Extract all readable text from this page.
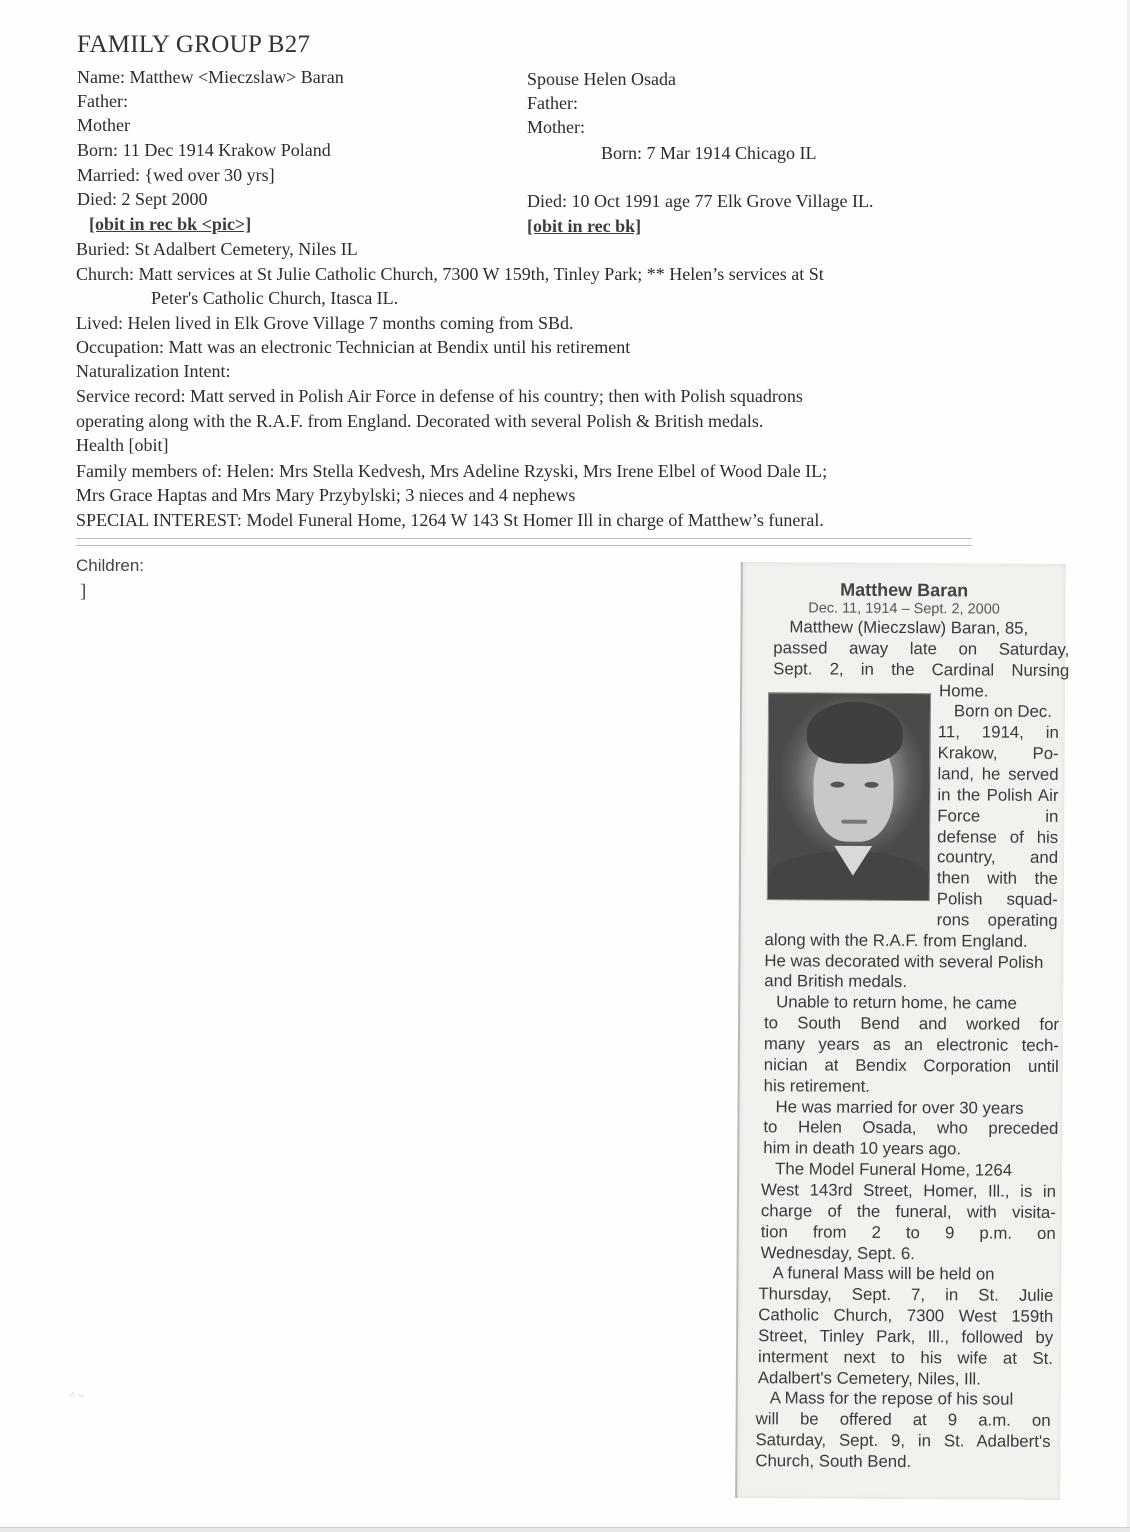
FAMILY GROUP B27
Name: Matthew <Mieczslaw> Baran
Father:
Mother
Born: 11 Dec 1914 Krakow Poland
Married: {wed over 30 yrs]
Died: 2 Sept 2000
[obit in rec bk <pic>]
Spouse Helen Osada
Father:
Mother:
Born: 7 Mar 1914 Chicago IL
Died: 10 Oct 1991 age 77 Elk Grove Village IL.
[obit in rec bk]
Buried: St Adalbert Cemetery, Niles IL
Church: Matt services at St Julie Catholic Church, 7300 W 159th, Tinley Park; ** Helen’s services at St
Peter's Catholic Church, Itasca IL.
Lived: Helen lived in Elk Grove Village 7 months coming from SBd.
Occupation: Matt was an electronic Technician at Bendix until his retirement
Naturalization Intent:
Service record: Matt served in Polish Air Force in defense of his country; then with Polish squadrons
operating along with the R.A.F. from England. Decorated with several Polish & British medals.
Health [obit]
Family members of: Helen: Mrs Stella Kedvesh, Mrs Adeline Rzyski, Mrs Irene Elbel of Wood Dale IL;
Mrs Grace Haptas and Mrs Mary Przybylski; 3 nieces and 4 nephews
SPECIAL INTEREST: Model Funeral Home, 1264 W 143 St Homer Ill in charge of Matthew’s funeral.
Children:
]
^ ~
Matthew Baran
Dec. 11, 1914 – Sept. 2, 2000
Matthew (Mieczslaw) Baran, 85,
passed away late on Saturday,
Sept. 2, in the Cardinal Nursing
Home.
Born on Dec.
11, 1914, in
Krakow, Po-
land, he served
in the Polish Air
Force in
defense of his
country, and
then with the
Polish squad-
rons operating
along with the R.A.F. from England.
He was decorated with several Polish
and British medals.
Unable to return home, he came
to South Bend and worked for
many years as an electronic tech-
nician at Bendix Corporation until
his retirement.
He was married for over 30 years
to Helen Osada, who preceded
him in death 10 years ago.
The Model Funeral Home, 1264
West 143rd Street, Homer, Ill., is in
charge of the funeral, with visita-
tion from 2 to 9 p.m. on
Wednesday, Sept. 6.
A funeral Mass will be held on
Thursday, Sept. 7, in St. Julie
Catholic Church, 7300 West 159th
Street, Tinley Park, Ill., followed by
interment next to his wife at St.
Adalbert's Cemetery, Niles, Ill.
A Mass for the repose of his soul
will be offered at 9 a.m. on
Saturday, Sept. 9, in St. Adalbert's
Church, South Bend.
